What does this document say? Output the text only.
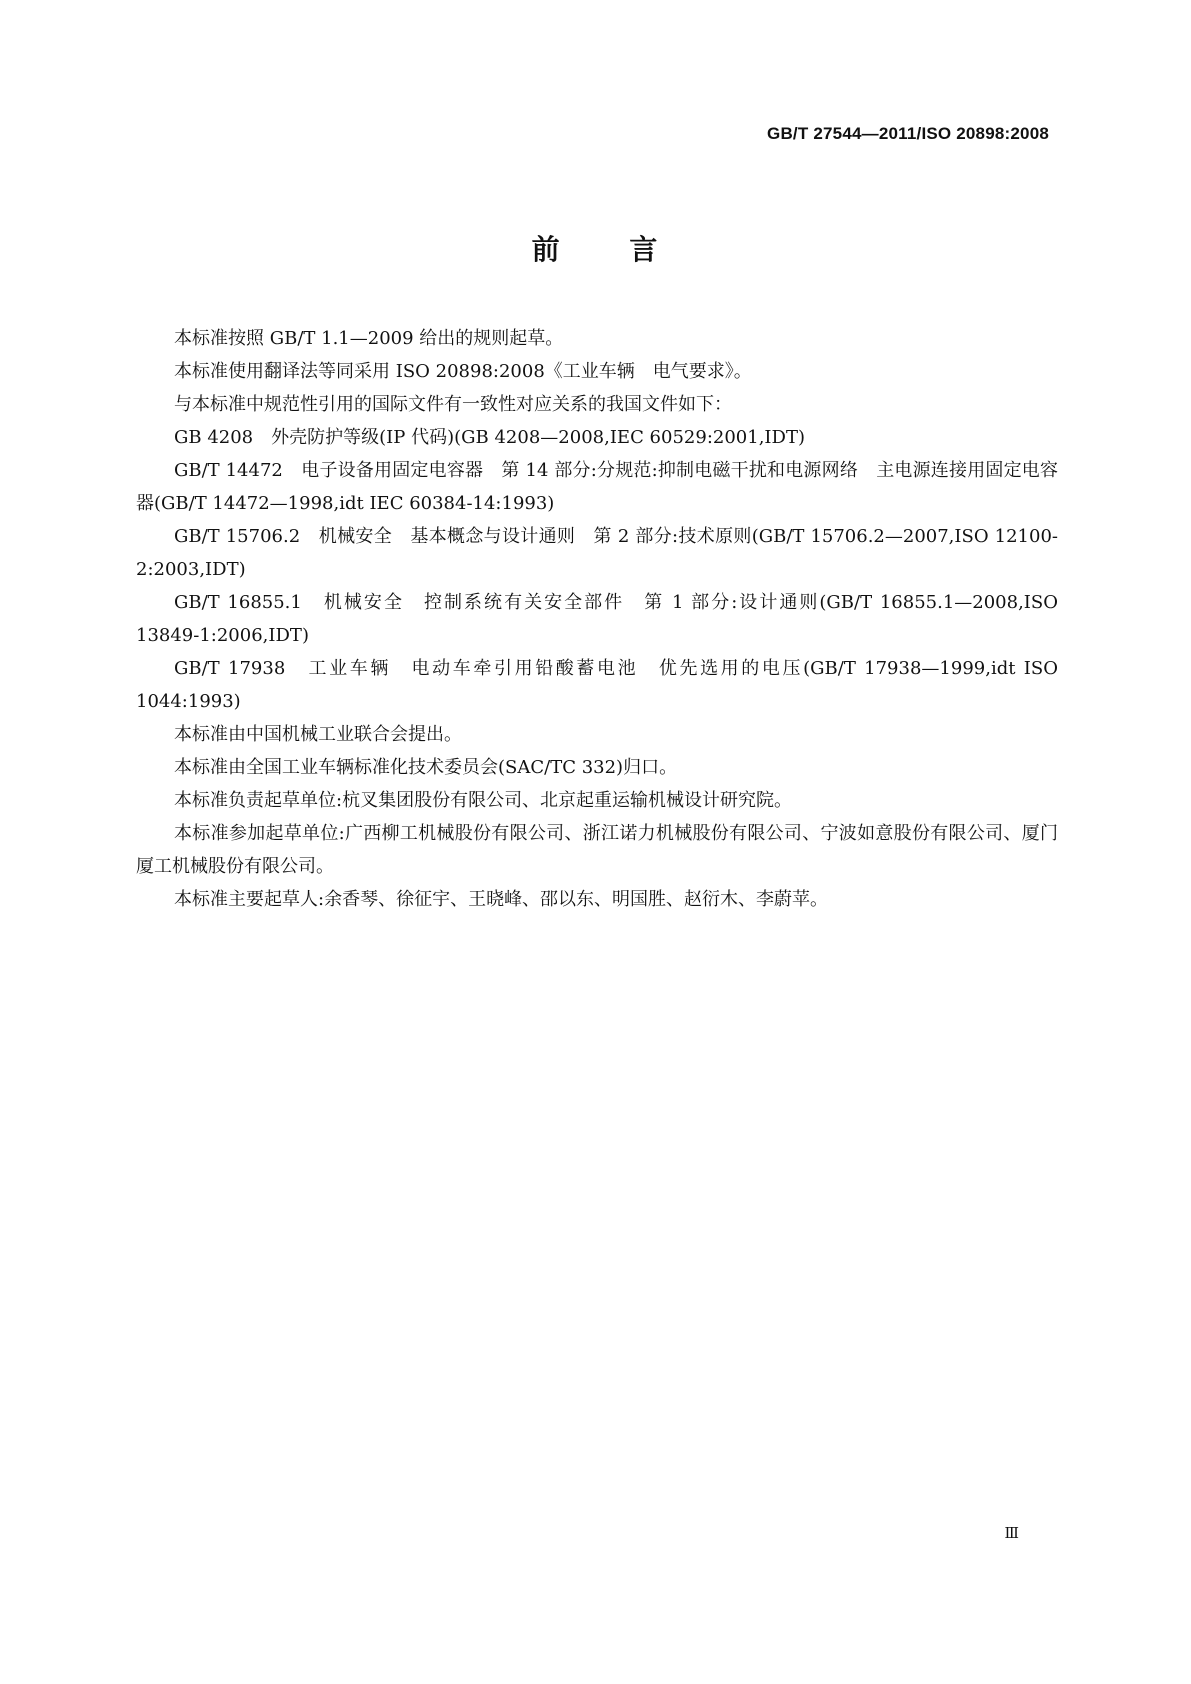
GB/T 27544—2011/ISO 20898:2008
前 言

本标准按照 GB/T 1.1—2009 给出的规则起草。

本标准使用翻译法等同采用 ISO 20898:2008《工业车辆　电气要求》。

与本标准中规范性引用的国际文件有一致性对应关系的我国文件如下：

GB 4208　外壳防护等级(IP 代码)(GB 4208—2008,IEC 60529:2001,IDT)

GB/T 14472　电子设备用固定电容器　第 14 部分:分规范:抑制电磁干扰和电源网络　主电源连接用固定电容器(GB/T 14472—1998,idt IEC 60384-14:1993)

GB/T 15706.2　机械安全　基本概念与设计通则　第 2 部分:技术原则(GB/T 15706.2—2007,ISO 12100-2:2003,IDT)

GB/T 16855.1　机械安全　控制系统有关安全部件　第 1 部分:设计通则(GB/T 16855.1—2008,ISO 13849-1:2006,IDT)

GB/T 17938　工业车辆　电动车牵引用铅酸蓄电池　优先选用的电压(GB/T 17938—1999,idt ISO 1044:1993)

本标准由中国机械工业联合会提出。

本标准由全国工业车辆标准化技术委员会(SAC/TC 332)归口。

本标准负责起草单位:杭叉集团股份有限公司、北京起重运输机械设计研究院。

本标准参加起草单位:广西柳工机械股份有限公司、浙江诺力机械股份有限公司、宁波如意股份有限公司、厦门厦工机械股份有限公司。

本标准主要起草人:余香琴、徐征宇、王晓峰、邵以东、明国胜、赵衍木、李蔚苹。

Ⅲ
